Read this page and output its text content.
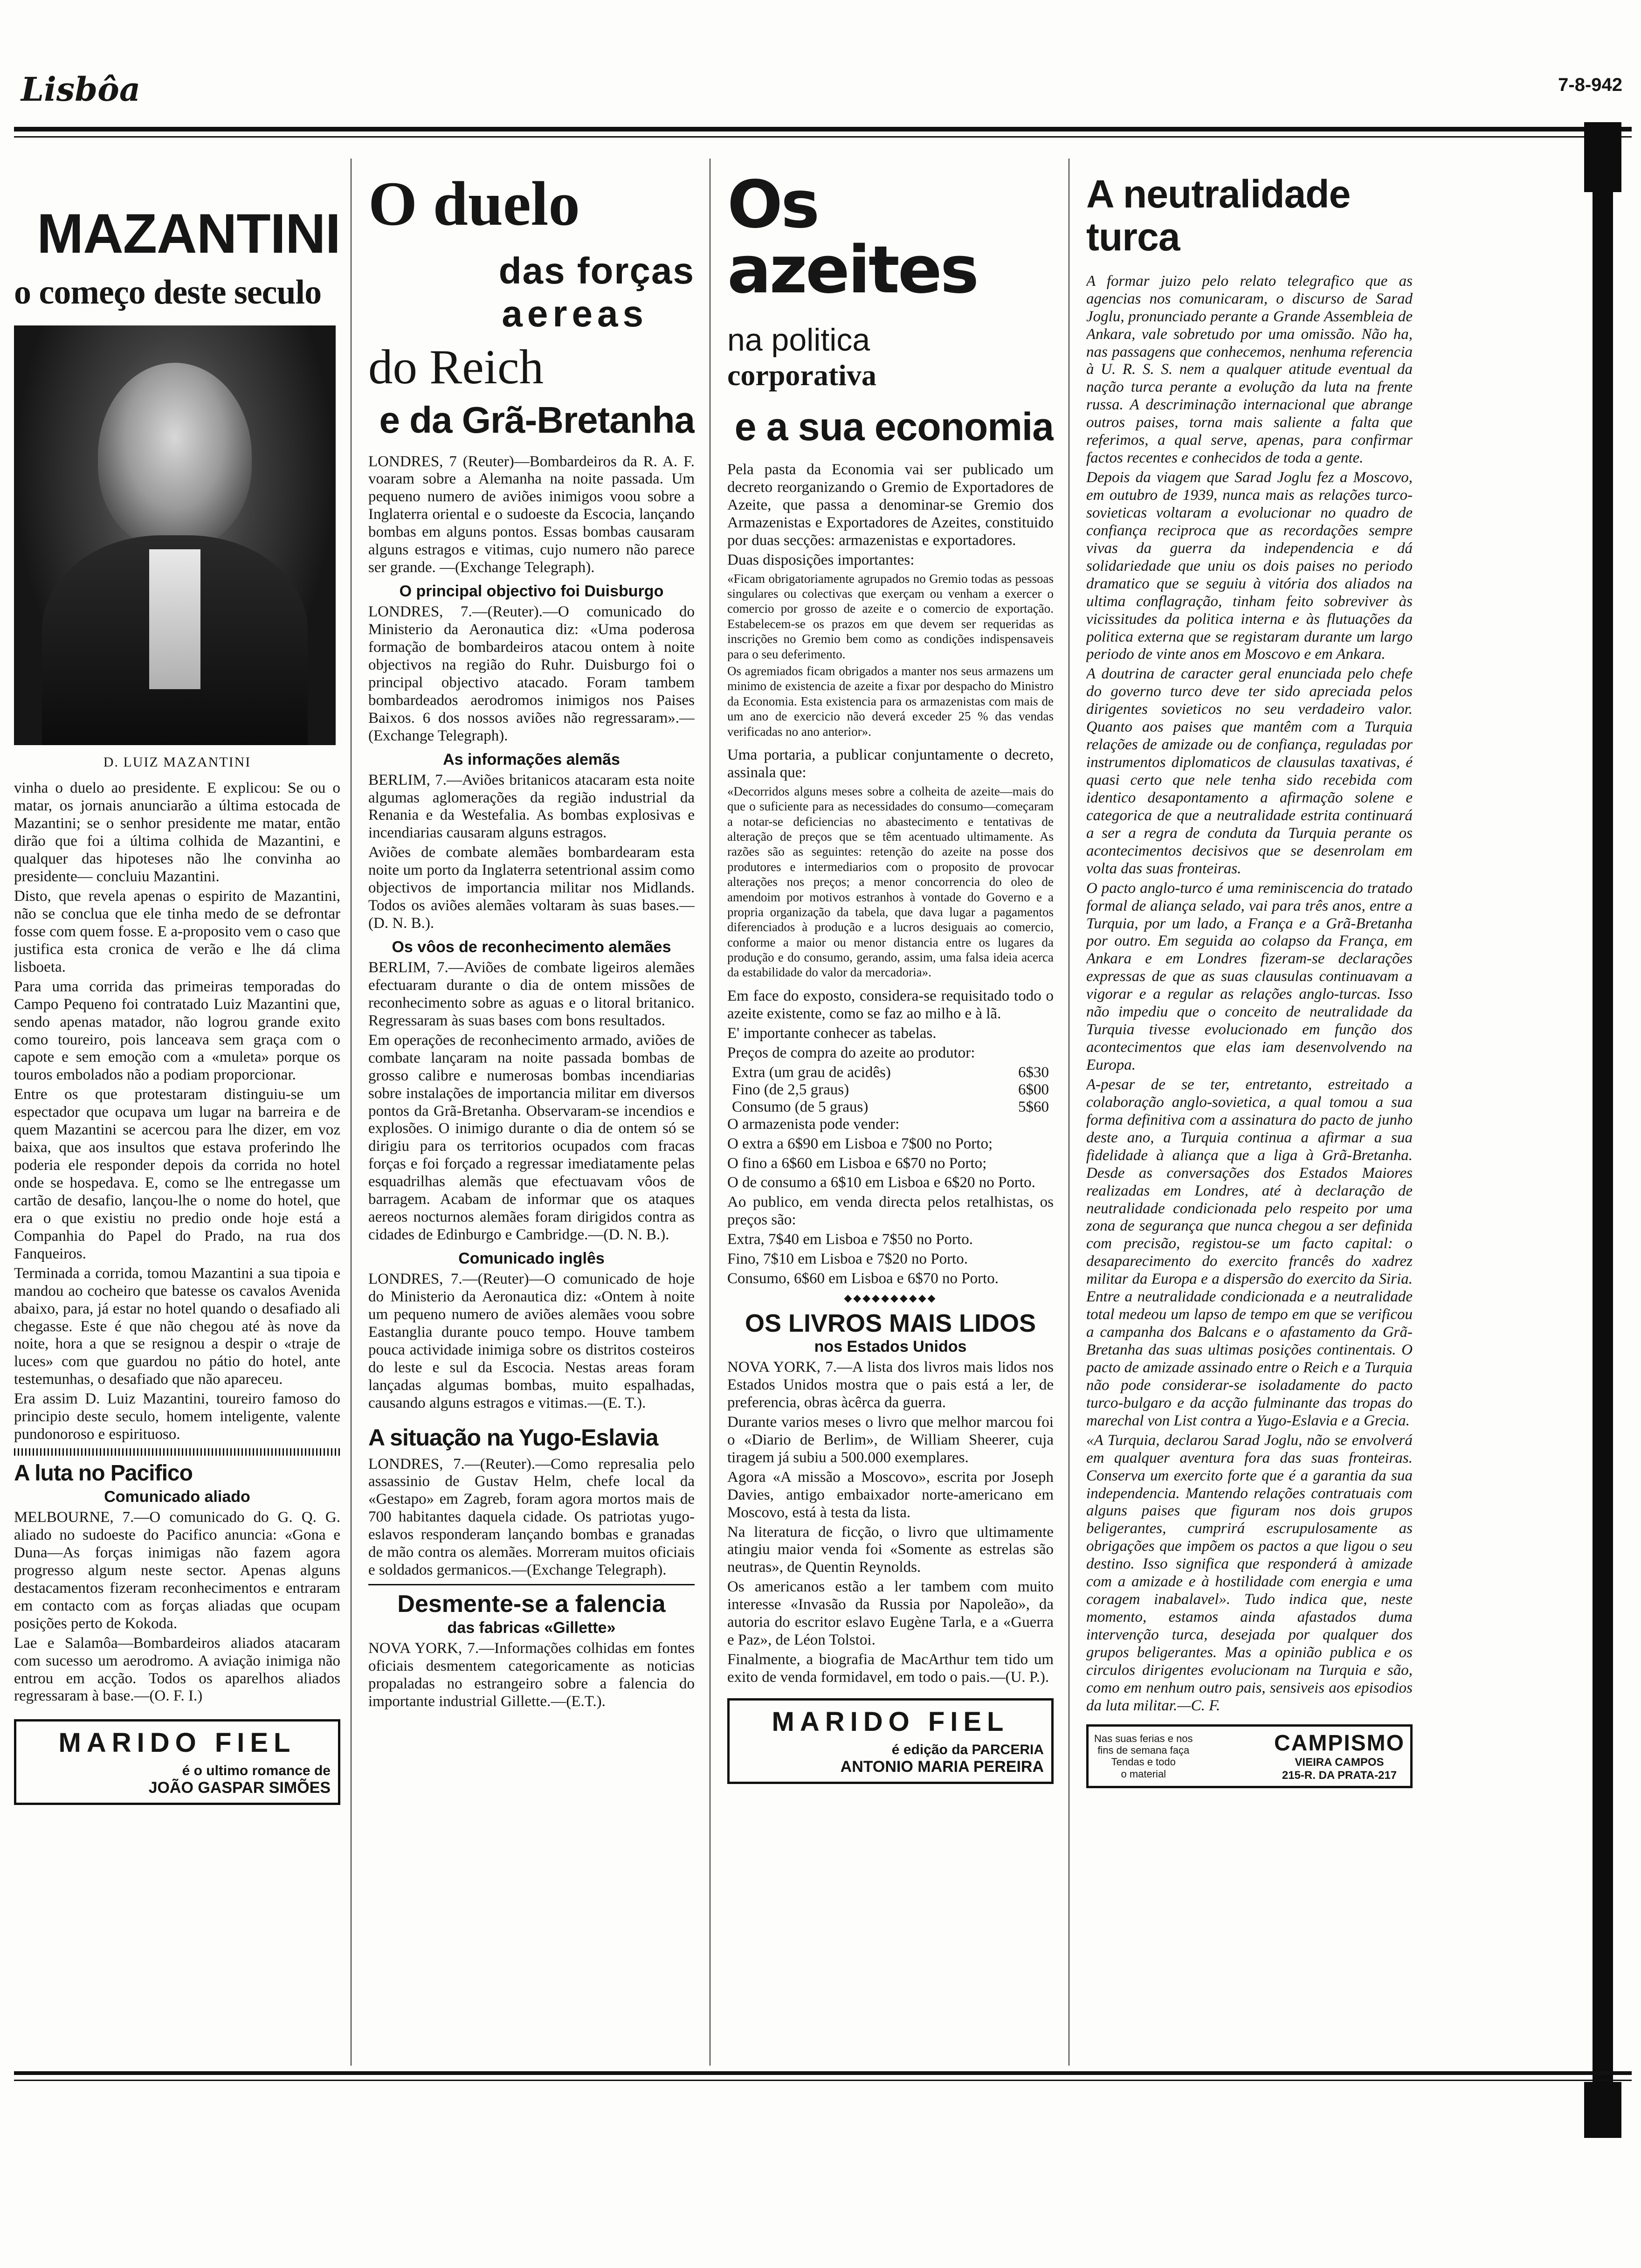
Lisbôa	7-8-942
MAZANTINI
o começo deste seculo
D. LUIZ MAZANTINI

vinha o duelo ao presidente. E explicou: Se ou o matar, os jornais anunciarão a última estocada de Mazantini; se o senhor presidente me matar, então dirão que foi a última colhida de Mazantini, e qualquer das hipoteses não lhe convinha ao presidente— concluiu Mazantini.

Disto, que revela apenas o espirito de Mazantini, não se conclua que ele tinha medo de se defrontar fosse com quem fosse. E a-proposito vem o caso que justifica esta cronica de verão e lhe dá clima lisboeta.

Para uma corrida das primeiras temporadas do Campo Pequeno foi contratado Luiz Mazantini que, sendo apenas matador, não logrou grande exito como toureiro, pois lanceava sem graça com o capote e sem emoção com a «muleta» porque os touros embolados não a podiam proporcionar.

Entre os que protestaram distinguiu-se um espectador que ocupava um lugar na barreira e de quem Mazantini se acercou para lhe dizer, em voz baixa, que aos insultos que estava proferindo lhe poderia ele responder depois da corrida no hotel onde se hospedava. E, como se lhe entregasse um cartão de desafio, lançou-lhe o nome do hotel, que era o que existiu no predio onde hoje está a Companhia do Papel do Prado, na rua dos Fanqueiros.

Terminada a corrida, tomou Mazantini a sua tipoia e mandou ao cocheiro que batesse os cavalos Avenida abaixo, para, já estar no hotel quando o desafiado ali chegasse. Este é que não chegou até às nove da noite, hora a que se resignou a despir o «traje de luces» com que guardou no pátio do hotel, ante testemunhas, o desafiado que não apareceu.

Era assim D. Luiz Mazantini, toureiro famoso do principio deste seculo, homem inteligente, valente pundonoroso e espirituoso.

A luta no Pacifico
Comunicado aliado

MELBOURNE, 7.—O comunicado do G. Q. G. aliado no sudoeste do Pacifico anuncia: «Gona e Duna—As forças inimigas não fazem agora progresso algum neste sector. Apenas alguns destacamentos fizeram reconhecimentos e entraram em contacto com as forças aliadas que ocupam posições perto de Kokoda.

Lae e Salamôa—Bombardeiros aliados atacaram com sucesso um aerodromo. A aviação inimiga não entrou em acção. Todos os aparelhos aliados regressaram à base.—(O. F. I.)

MARIDO FIEL
é o ultimo romance de
JOÃO GASPAR SIMÕES
O duelo
das forças
aereas
do Reich
e da Grã-Bretanha

LONDRES, 7 (Reuter)—Bombardeiros da R. A. F. voaram sobre a Alemanha na noite passada. Um pequeno numero de aviões inimigos voou sobre a Inglaterra oriental e o sudoeste da Escocia, lançando bombas em alguns pontos. Essas bombas causaram alguns estragos e vitimas, cujo numero não parece ser grande. —(Exchange Telegraph).

O principal objectivo foi Duisburgo

LONDRES, 7.—(Reuter).—O comunicado do Ministerio da Aeronautica diz: «Uma poderosa formação de bombardeiros atacou ontem à noite objectivos na região do Ruhr. Duisburgo foi o principal objectivo atacado. Foram tambem bombardeados aerodromos inimigos nos Paises Baixos. 6 dos nossos aviões não regressaram».—(Exchange Telegraph).

As informações alemãs

BERLIM, 7.—Aviões britanicos atacaram esta noite algumas aglomerações da região industrial da Renania e da Westefalia. As bombas explosivas e incendiarias causaram alguns estragos.

Aviões de combate alemães bombardearam esta noite um porto da Inglaterra setentrional assim como objectivos de importancia militar nos Midlands. Todos os aviões alemães voltaram às suas bases.—(D. N. B.).

Os vôos de reconhecimento alemães

BERLIM, 7.—Aviões de combate ligeiros alemães efectuaram durante o dia de ontem missões de reconhecimento sobre as aguas e o litoral britanico. Regressaram às suas bases com bons resultados.

Em operações de reconhecimento armado, aviões de combate lançaram na noite passada bombas de grosso calibre e numerosas bombas incendiarias sobre instalações de importancia militar em diversos pontos da Grã-Bretanha. Observaram-se incendios e explosões. O inimigo durante o dia de ontem só se dirigiu para os territorios ocupados com fracas forças e foi forçado a regressar imediatamente pelas esquadrilhas alemãs que efectuavam vôos de barragem. Acabam de informar que os ataques aereos nocturnos alemães foram dirigidos contra as cidades de Edinburgo e Cambridge.—(D. N. B.).

Comunicado inglês

LONDRES, 7.—(Reuter)—O comunicado de hoje do Ministerio da Aeronautica diz: «Ontem à noite um pequeno numero de aviões alemães voou sobre Eastanglia durante pouco tempo. Houve tambem pouca actividade inimiga sobre os distritos costeiros do leste e sul da Escocia. Nestas areas foram lançadas algumas bombas, muito espalhadas, causando alguns estragos e vitimas.—(E. T.).

A situação na Yugo-Eslavia

LONDRES, 7.—(Reuter).—Como represalia pelo assassinio de Gustav Helm, chefe local da «Gestapo» em Zagreb, foram agora mortos mais de 700 habitantes daquela cidade. Os patriotas yugo-eslavos responderam lançando bombas e granadas de mão contra os alemães. Morreram muitos oficiais e soldados germanicos.—(Exchange Telegraph).

Desmente-se a falencia
das fabricas «Gillette»

NOVA YORK, 7.—Informações colhidas em fontes oficiais desmentem categoricamente as noticias propaladas no estrangeiro sobre a falencia do importante industrial Gillette.—(E.T.).

Os azeites
na politica
corporativa
e a sua economia

Pela pasta da Economia vai ser publicado um decreto reorganizando o Gremio de Exportadores de Azeite, que passa a denominar-se Gremio dos Armazenistas e Exportadores de Azeites, constituido por duas secções: armazenistas e exportadores.

Duas disposições importantes:

«Ficam obrigatoriamente agrupados no Gremio todas as pessoas singulares ou colectivas que exerçam ou venham a exercer o comercio por grosso de azeite e o comercio de exportação. Estabelecem-se os prazos em que devem ser requeridas as inscrições no Gremio bem como as condições indispensaveis para o seu deferimento.

Os agremiados ficam obrigados a manter nos seus armazens um minimo de existencia de azeite a fixar por despacho do Ministro da Economia. Esta existencia para os armazenistas com mais de um ano de exercicio não deverá exceder 25 % das vendas verificadas no ano anterior».

Uma portaria, a publicar conjuntamente o decreto, assinala que:

«Decorridos alguns meses sobre a colheita de azeite—mais do que o suficiente para as necessidades do consumo—começaram a notar-se deficiencias no abastecimento e tentativas de alteração de preços que se têm acentuado ultimamente. As razões são as seguintes: retenção do azeite na posse dos produtores e intermediarios com o proposito de provocar alterações nos preços; a menor concorrencia do oleo de amendoim por motivos estranhos à vontade do Governo e a propria organização da tabela, que dava lugar a pagamentos diferenciados à produção e a lucros desiguais ao comercio, conforme a maior ou menor distancia entre os lugares da produção e do consumo, gerando, assim, uma falsa ideia acerca da estabilidade do valor da mercadoria».

Em face do exposto, considera-se requisitado todo o azeite existente, como se faz ao milho e à lã.

E' importante conhecer as tabelas.

Preços de compra do azeite ao produtor:

Extra (um grau de acidês)	6$30
Fino (de 2,5 graus)	6$00
Consumo (de 5 graus)	5$60

O armazenista pode vender:

O extra a 6$90 em Lisboa e 7$00 no Porto;

O fino a 6$60 em Lisboa e 6$70 no Porto;

O de consumo a 6$10 em Lisboa e 6$20 no Porto.

Ao publico, em venda directa pelos retalhistas, os preços são:

Extra, 7$40 em Lisboa e 7$50 no Porto.

Fino, 7$10 em Lisboa e 7$20 no Porto.

Consumo, 6$60 em Lisboa e 6$70 no Porto.

◆◆◆◆◆◆◆◆◆◆
OS LIVROS MAIS LIDOS
nos Estados Unidos

NOVA YORK, 7.—A lista dos livros mais lidos nos Estados Unidos mostra que o pais está a ler, de preferencia, obras àcêrca da guerra.

Durante varios meses o livro que melhor marcou foi o «Diario de Berlim», de William Sheerer, cuja tiragem já subiu a 500.000 exemplares.

Agora «A missão a Moscovo», escrita por Joseph Davies, antigo embaixador norte-americano em Moscovo, está à testa da lista.

Na literatura de ficção, o livro que ultimamente atingiu maior venda foi «Somente as estrelas são neutras», de Quentin Reynolds.

Os americanos estão a ler tambem com muito interesse «Invasão da Russia por Napoleão», da autoria do escritor eslavo Eugène Tarla, e a «Guerra e Paz», de Léon Tolstoi.

Finalmente, a biografia de MacArthur tem tido um exito de venda formidavel, em todo o pais.—(U. P.).

MARIDO FIEL
é edição da PARCERIA
ANTONIO MARIA PEREIRA
A neutralidade turca

A formar juizo pelo relato telegrafico que as agencias nos comunicaram, o discurso de Sarad Joglu, pronunciado perante a Grande Assembleia de Ankara, vale sobretudo por uma omissão. Não ha, nas passagens que conhecemos, nenhuma referencia à U. R. S. S. nem a qualquer atitude eventual da nação turca perante a evolução da luta na frente russa. A descriminação internacional que abrange outros paises, torna mais saliente a falta que referimos, a qual serve, apenas, para confirmar factos recentes e conhecidos de toda a gente.

Depois da viagem que Sarad Joglu fez a Moscovo, em outubro de 1939, nunca mais as relações turco-sovieticas voltaram a evolucionar no quadro de confiança reciproca que as recordações sempre vivas da guerra da independencia e dá solidariedade que uniu os dois paises no periodo dramatico que se seguiu à vitória dos aliados na ultima conflagração, tinham feito sobreviver às vicissitudes da politica interna e às flutuações da politica externa que se registaram durante um largo periodo de vinte anos em Moscovo e em Ankara.

A doutrina de caracter geral enunciada pelo chefe do governo turco deve ter sido apreciada pelos dirigentes sovieticos no seu verdadeiro valor. Quanto aos paises que mantêm com a Turquia relações de amizade ou de confiança, reguladas por instrumentos diplomaticos de clausulas taxativas, é quasi certo que nele tenha sido recebida com identico desapontamento a afirmação solene e categorica de que a neutralidade estrita continuará a ser a regra de conduta da Turquia perante os acontecimentos decisivos que se desenrolam em volta das suas fronteiras.

O pacto anglo-turco é uma reminiscencia do tratado formal de aliança selado, vai para três anos, entre a Turquia, por um lado, a França e a Grã-Bretanha por outro. Em seguida ao colapso da França, em Ankara e em Londres fizeram-se declarações expressas de que as suas clausulas continuavam a vigorar e a regular as relações anglo-turcas. Isso não impediu que o conceito de neutralidade da Turquia tivesse evolucionado em função dos acontecimentos que elas iam desenvolvendo na Europa.

A-pesar de se ter, entretanto, estreitado a colaboração anglo-sovietica, a qual tomou a sua forma definitiva com a assinatura do pacto de junho deste ano, a Turquia continua a afirmar a sua fidelidade à aliança que a liga à Grã-Bretanha. Desde as conversações dos Estados Maiores realizadas em Londres, até à declaração de neutralidade condicionada pelo respeito por uma zona de segurança que nunca chegou a ser definida com precisão, registou-se um facto capital: o desaparecimento do exercito francês do xadrez militar da Europa e a dispersão do exercito da Siria. Entre a neutralidade condicionada e a neutralidade total medeou um lapso de tempo em que se verificou a campanha dos Balcans e o afastamento da Grã-Bretanha das suas ultimas posições continentais. O pacto de amizade assinado entre o Reich e a Turquia não pode considerar-se isoladamente do pacto turco-bulgaro e da acção fulminante das tropas do marechal von List contra a Yugo-Eslavia e a Grecia.

«A Turquia, declarou Sarad Joglu, não se envolverá em qualquer aventura fora das suas fronteiras. Conserva um exercito forte que é a garantia da sua independencia. Mantendo relações contratuais com alguns paises que figuram nos dois grupos beligerantes, cumprirá escrupulosamente as obrigações que impõem os pactos a que ligou o seu destino. Isso significa que responderá à amizade com a amizade e à hostilidade com energia e uma coragem inabalavel». Tudo indica que, neste momento, estamos ainda afastados duma intervenção turca, desejada por qualquer dos grupos beligerantes. Mas a opinião publica e os circulos dirigentes evolucionam na Turquia e são, como em nenhum outro pais, sensiveis aos episodios da luta militar.—C. F.

Nas suas ferias e nos
fins de semana faça
Tendas e todo
o material
CAMPISMO
VIEIRA CAMPOS
215-R. DA PRATA-217
